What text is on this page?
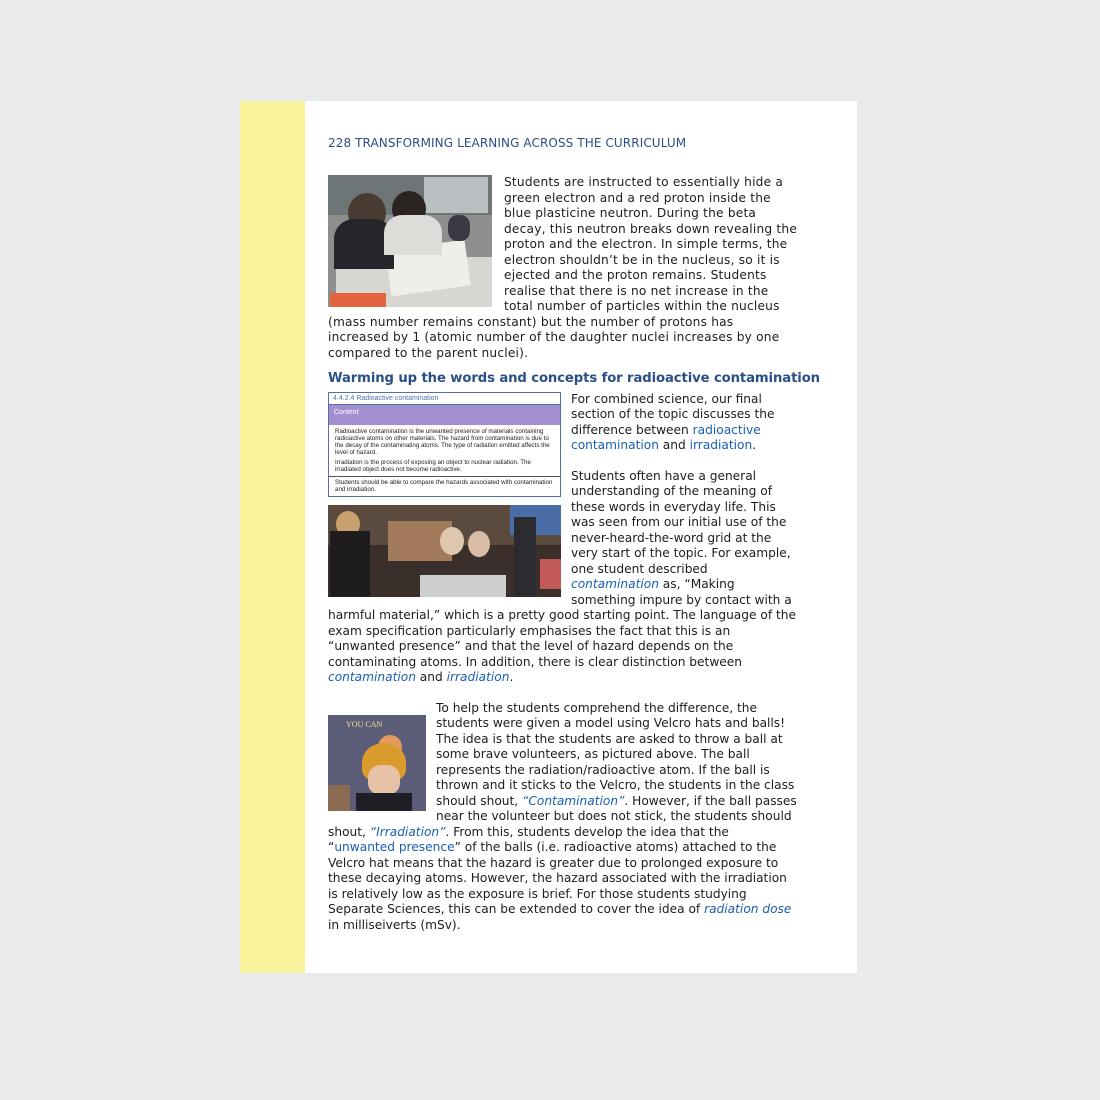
228 TRANSFORMING LEARNING ACROSS THE CURRICULUM

Students are instructed to essentially hide a green electron and a red proton inside the blue plasticine neutron. During the beta decay, this neutron breaks down revealing the proton and the electron. In simple terms, the electron shouldn’t be in the nucleus, so it is ejected and the proton remains. Students realise that there is no net increase in the total number of particles within the nucleus (mass number remains constant) but the number of protons has increased by 1 (atomic number of the daughter nuclei increases by one compared to the parent nuclei).

Warming up the words and concepts for radioactive contamination
4.4.2.4 Radioactive contamination
Content
Radioactive contamination is the unwanted presence of materials containing radioactive atoms on other materials. The hazard from contamination is due to the decay of the contaminating atoms. The type of radiation emitted affects the level of hazard.
Irradiation is the process of exposing an object to nuclear radiation. The irradiated object does not become radioactive.
Students should be able to compare the hazards associated with contamination and irradiation.

For combined science, our final section of the topic discusses the difference between radioactive contamination and irradiation.

Students often have a general understanding of the meaning of these words in everyday life. This was seen from our initial use of the never-heard-the-word grid at the very start of the topic. For example, one student described contamination as, “Making something impure by contact with a harmful material,” which is a pretty good starting point. The language of the exam specification particularly emphasises the fact that this is an “unwanted presence” and that the level of hazard depends on the contaminating atoms. In addition, there is clear distinction between contamination and irradiation.

YOU CAN
To help the students comprehend the difference, the students were given a model using Velcro hats and balls! The idea is that the students are asked to throw a ball at some brave volunteers, as pictured above. The ball represents the radiation/radioactive atom. If the ball is thrown and it sticks to the Velcro, the students in the class should shout, “Contamination”. However, if the ball passes near the volunteer but does not stick, the students should shout, “Irradiation”. From this, students develop the idea that the “unwanted presence” of the balls (i.e. radioactive atoms) attached to the Velcro hat means that the hazard is greater due to prolonged exposure to these decaying atoms. However, the hazard associated with the irradiation is relatively low as the exposure is brief. For those students studying Separate Sciences, this can be extended to cover the idea of radiation dose in milliseiverts (mSv).
